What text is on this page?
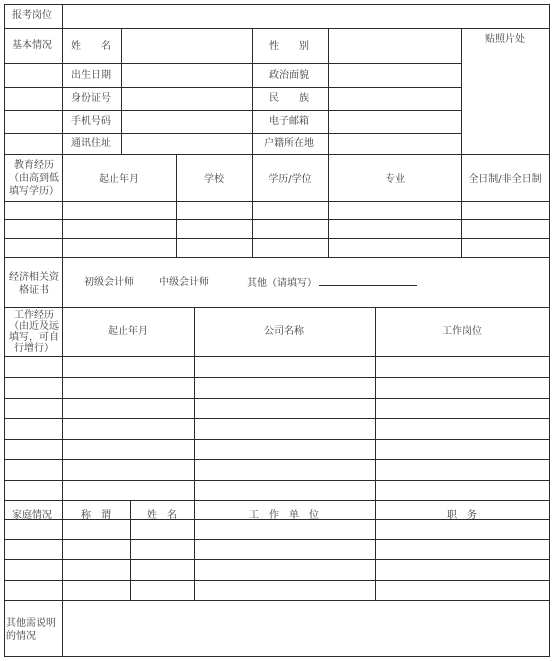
报考岗位
基本情况 姓　　名	性　　别
贴照片处
出生日期	政治面貌
身份证号	民　　族
手机号码	电子邮箱
通讯住址	户籍所在地
教育经历（由高到低填写学历）
起止年月	学校	学历/学位	专业	全日制/非全日制
经济相关资格证书
初级会计师	中级会计师	其他（请填写）
工作经历（由近及远填写，可自行增行）
起止年月	公司名称	工作岗位
家庭情况	称　谓	姓　名	工　作　单　位	职　务
其他需说明的情况
